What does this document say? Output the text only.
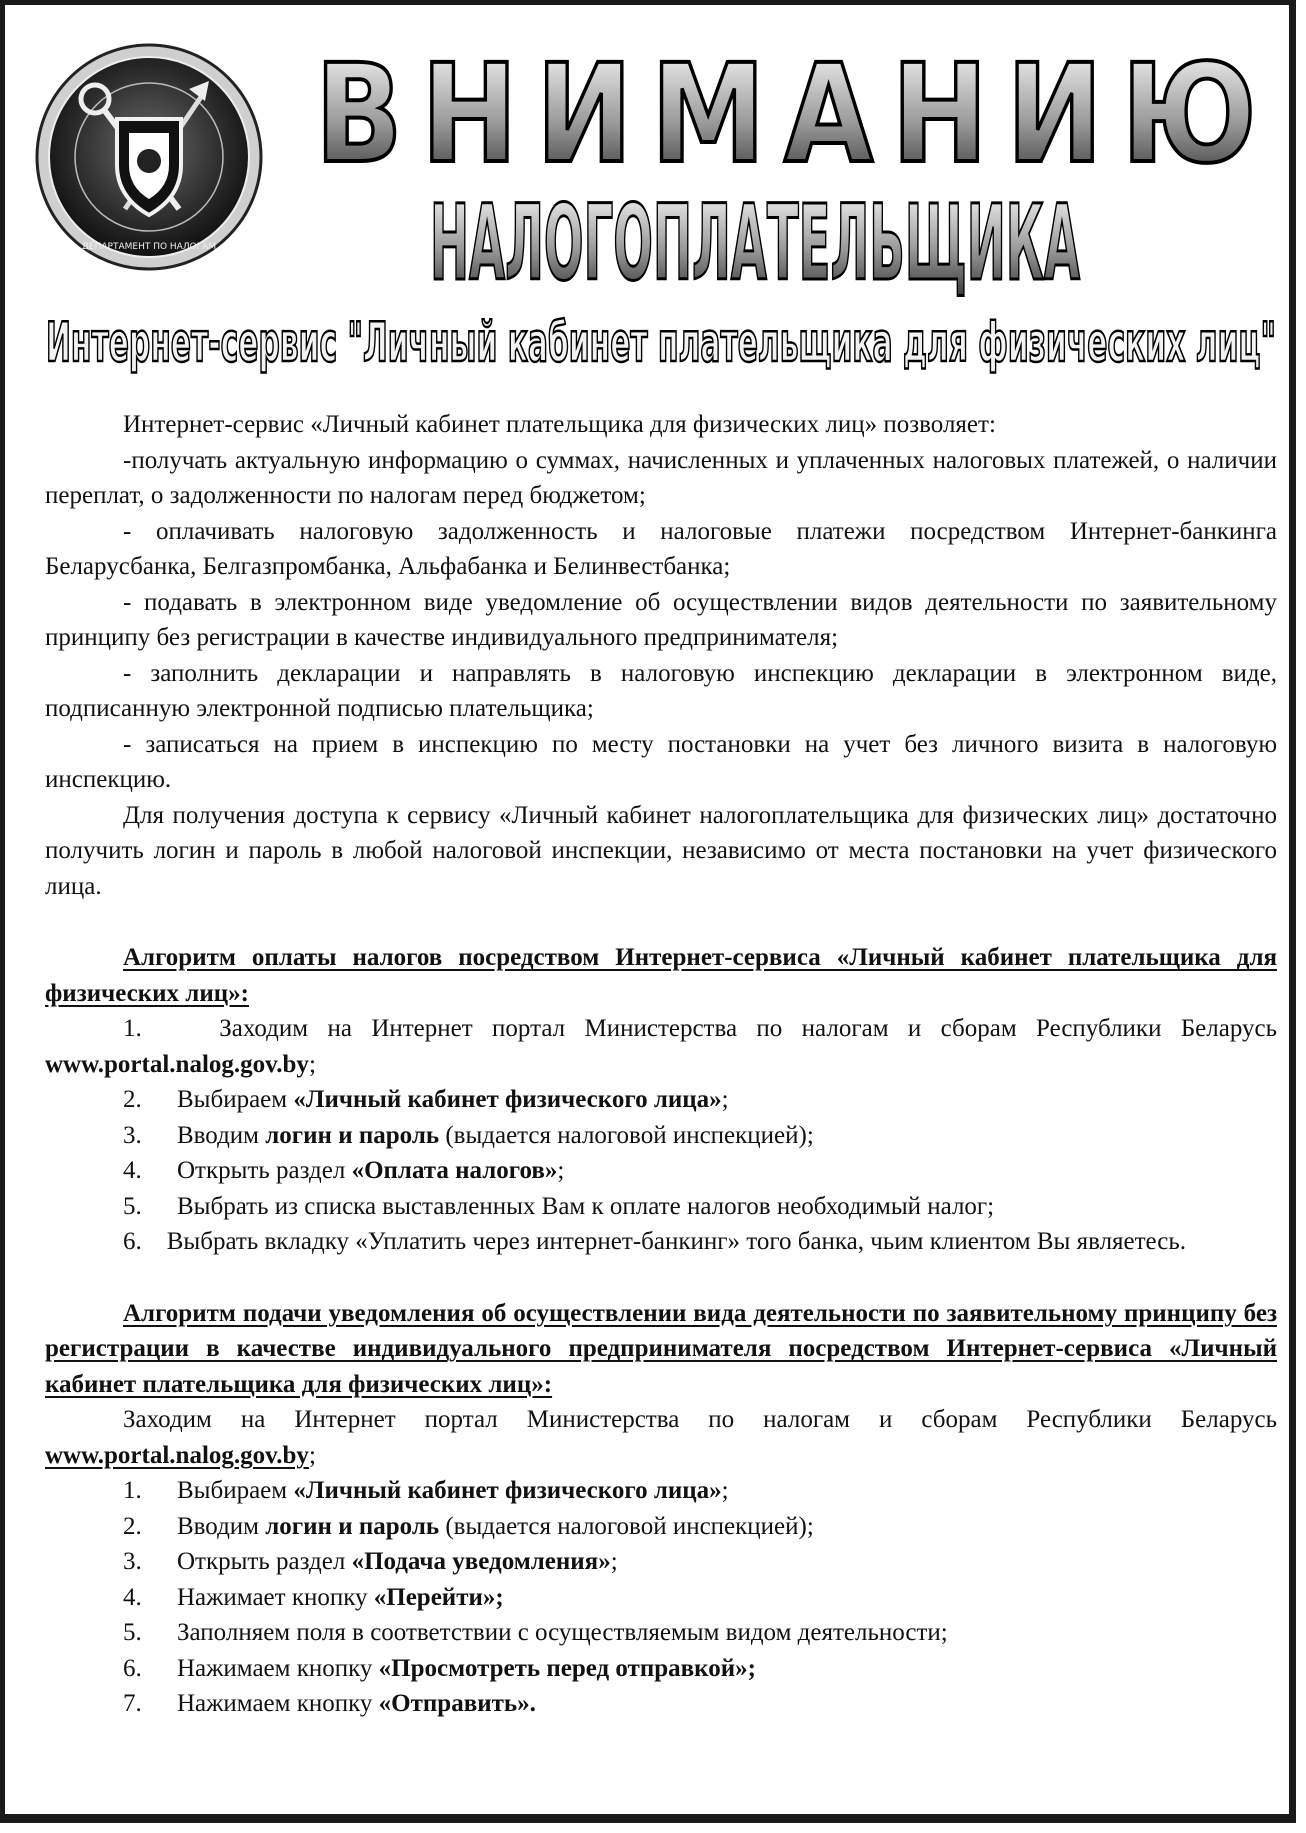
ДЕПАРТАМЕНТ ПО НАЛОГАМ
ВНИМАНИЮ
НАЛОГОПЛАТЕЛЬЩИКА
Интернет-сервис "Личный кабинет плательщика для физических лиц"

Интернет-сервис «Личный кабинет плательщика для физических лиц» позволяет:

-получать актуальную информацию о суммах, начисленных и уплаченных налоговых платежей, о наличии переплат, о задолженности по налогам перед бюджетом;

- оплачивать налоговую задолженность и налоговые платежи посредством Интернет-банкинга Беларусбанка, Белгазпромбанка, Альфабанка и Белинвестбанка;

- подавать в электронном виде уведомление об осуществлении видов деятельности по заявительному принципу без регистрации в качестве индивидуального предпринимателя;

- заполнить декларации и направлять в налоговую инспекцию декларации в электронном виде, подписанную электронной подписью плательщика;

- записаться на прием в инспекцию по месту постановки на учет без личного визита в налоговую инспекцию.

Для получения доступа к сервису «Личный кабинет налогоплательщика для физических лиц» достаточно получить логин и пароль в любой налоговой инспекции, независимо от места постановки на учет физического лица.

Алгоритм оплаты налогов посредством Интернет-сервиса «Личный кабинет плательщика для физических лиц»:

1.	Заходим на Интернет портал Министерства по налогам и сборам Республики Беларусь www.portal.nalog.gov.by;
2. Выбираем «Личный кабинет физического лица»;
3. Вводим логин и пароль (выдается налоговой инспекцией);
4. Открыть раздел «Оплата налогов»;
5. Выбрать из списка выставленных Вам к оплате налогов необходимый налог;
6. Выбрать вкладку «Уплатить через интернет-банкинг» того банка, чьим клиентом Вы являетесь.

Алгоритм подачи уведомления об осуществлении вида деятельности по заявительному принципу без регистрации в качестве индивидуального предпринимателя посредством Интернет-сервиса «Личный кабинет плательщика для физических лиц»:

Заходим на Интернет портал Министерства по налогам и сборам Республики Беларусь www.portal.nalog.gov.by;

1. Выбираем «Личный кабинет физического лица»;
2. Вводим логин и пароль (выдается налоговой инспекцией);
3. Открыть раздел «Подача уведомления»;
4. Нажимает кнопку «Перейти»;
5. Заполняем поля в соответствии с осуществляемым видом деятельности;
6. Нажимаем кнопку «Просмотреть перед отправкой»;
7. Нажимаем кнопку «Отправить».
